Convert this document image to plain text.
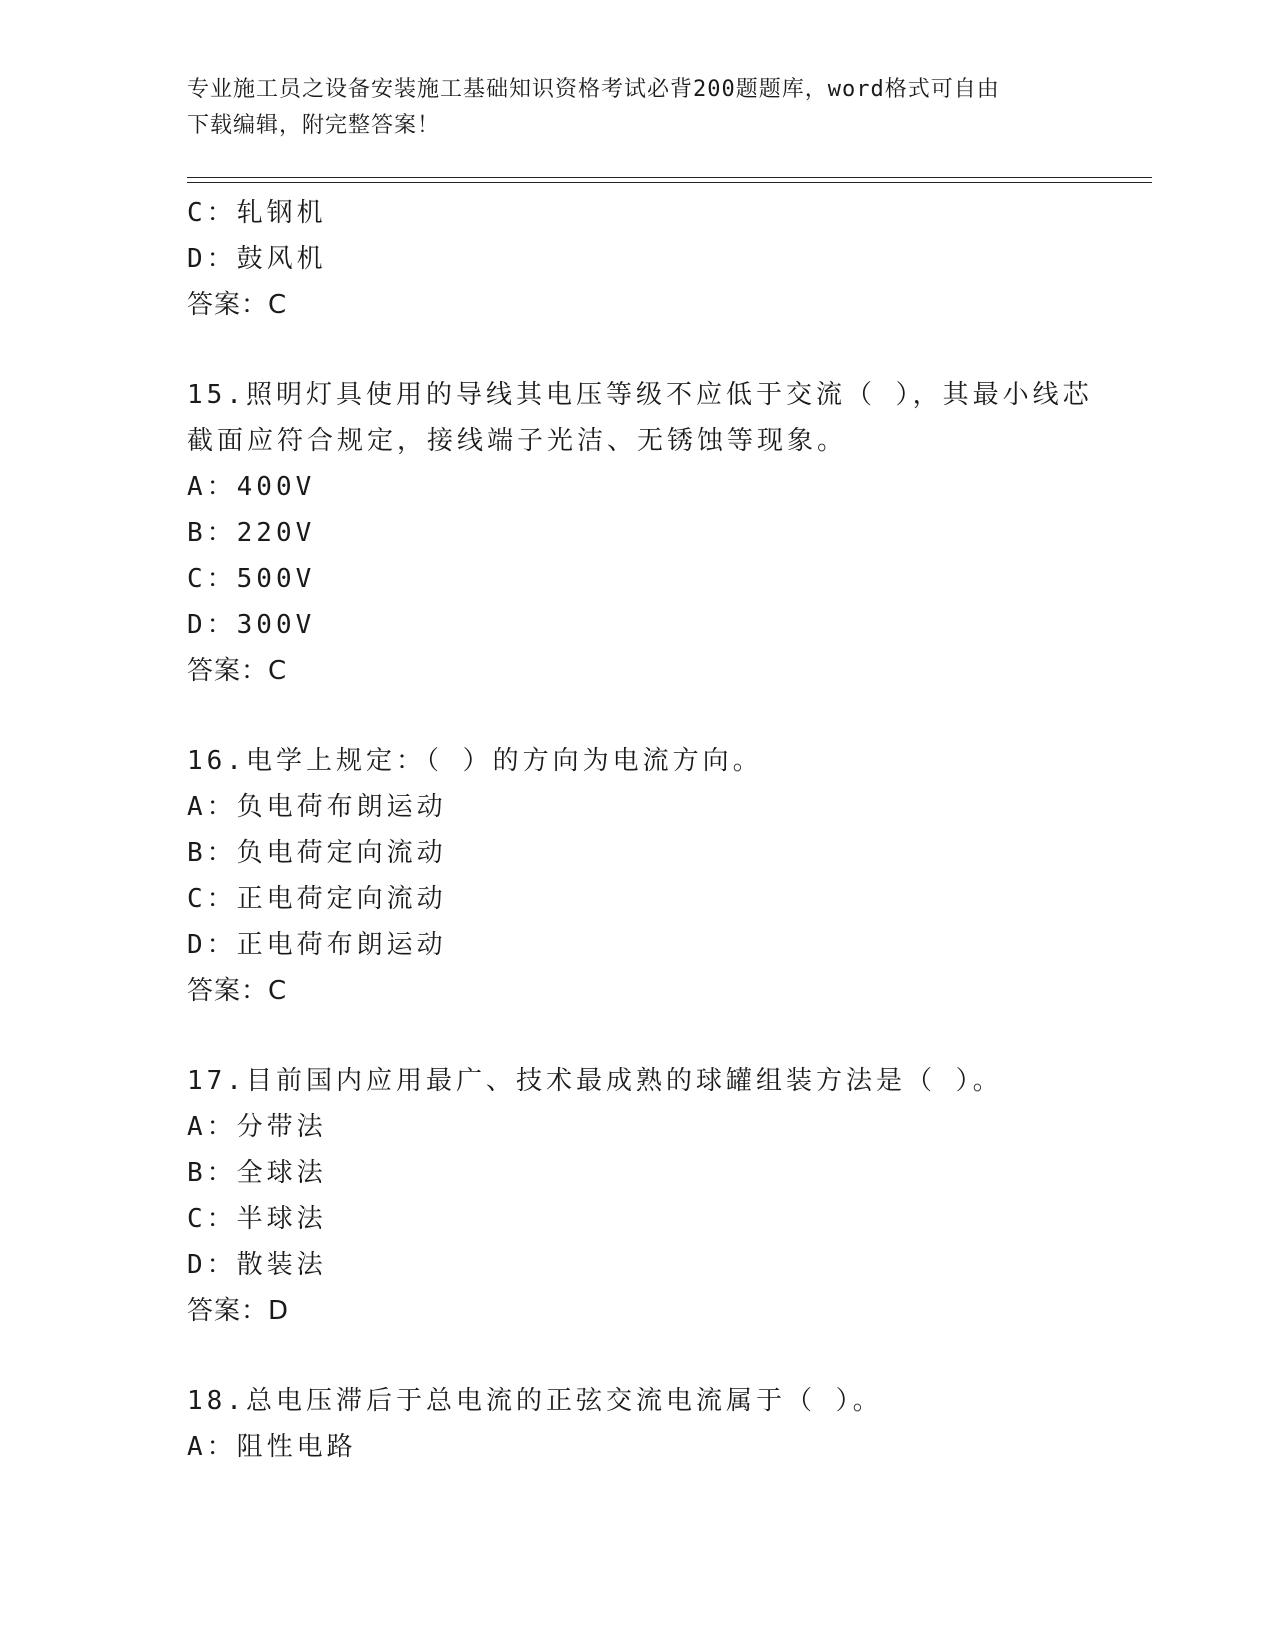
专业施工员之设备安装施工基础知识资格考试必背200题题库，word格式可自由
下载编辑，附完整答案！
C：轧钢机
D：鼓风机
答案：C
15.照明灯具使用的导线其电压等级不应低于交流（ ），其最小线芯
截面应符合规定，接线端子光洁、无锈蚀等现象。
A：400V
B：220V
C：500V
D：300V
答案：C
16.电学上规定：（ ）的方向为电流方向。
A：负电荷布朗运动
B：负电荷定向流动
C：正电荷定向流动
D：正电荷布朗运动
答案：C
17.目前国内应用最广、技术最成熟的球罐组装方法是（ ）。
A：分带法
B：全球法
C：半球法
D：散装法
答案：D
18.总电压滞后于总电流的正弦交流电流属于（ ）。
A：阻性电路
